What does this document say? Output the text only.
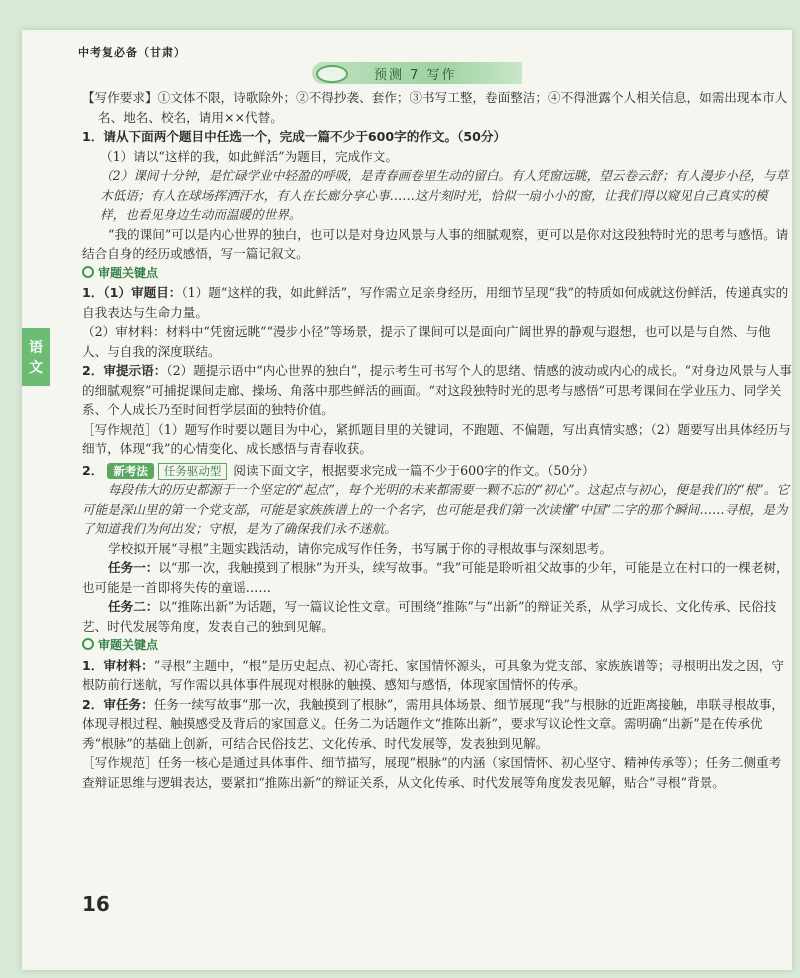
中考复必备（甘肃）
预测 7 写作
语
文

【写作要求】①文体不限，诗歌除外；②不得抄袭、套作；③书写工整，卷面整洁；④不得泄露个人相关信息，如需出现本市人名、地名、校名，请用××代替。

1．请从下面两个题目中任选一个，完成一篇不少于600字的作文。（50分）

（1）请以“这样的我，如此鲜活”为题目，完成作文。

（2）课间十分钟，是忙碌学业中轻盈的呼吸，是青春画卷里生动的留白。有人凭窗远眺，望云卷云舒；有人漫步小径，与草木低语；有人在球场挥洒汗水，有人在长廊分享心事……这片刻时光，恰似一扇小小的窗，让我们得以窥见自己真实的模样，也看见身边生动而温暖的世界。

“我的课间”可以是内心世界的独白，也可以是对身边风景与人事的细腻观察，更可以是你对这段独特时光的思考与感悟。请结合自身的经历或感悟，写一篇记叙文。

审题关键点

1．（1）审题目：（1）题“这样的我，如此鲜活”，写作需立足亲身经历，用细节呈现“我”的特质如何成就这份鲜活，传递真实的自我表达与生命力量。

（2）审材料：材料中“凭窗远眺”“漫步小径”等场景，提示了课间可以是面向广阔世界的静观与遐想，也可以是与自然、与他人、与自我的深度联结。

2．审提示语：（2）题提示语中“内心世界的独白”，提示考生可书写个人的思绪、情感的波动或内心的成长。“对身边风景与人事的细腻观察”可捕捉课间走廊、操场、角落中那些鲜活的画面。“对这段独特时光的思考与感悟”可思考课间在学业压力、同学关系、个人成长乃至时间哲学层面的独特价值。

［写作规范］（1）题写作时要以题目为中心，紧抓题目里的关键词，不跑题、不偏题，写出真情实感；（2）题要写出具体经历与细节，体现“我”的心情变化、成长感悟与青春收获。

2． 新考法 任务驱动型 阅读下面文字，根据要求完成一篇不少于600字的作文。（50分）

每段伟大的历史都源于一个坚定的“起点”，每个光明的未来都需要一颗不忘的“初心”。这起点与初心，便是我们的“根”。它可能是深山里的第一个党支部，可能是家族族谱上的一个名字，也可能是我们第一次读懂“中国”二字的那个瞬间……寻根，是为了知道我们为何出发；守根，是为了确保我们永不迷航。

学校拟开展“寻根”主题实践活动，请你完成写作任务，书写属于你的寻根故事与深刻思考。

任务一：以“那一次，我触摸到了根脉”为开头，续写故事。“我”可能是聆听祖父故事的少年，可能是立在村口的一棵老树，也可能是一首即将失传的童谣……

任务二：以“推陈出新”为话题，写一篇议论性文章。可围绕“推陈”与“出新”的辩证关系，从学习成长、文化传承、民俗技艺、时代发展等角度，发表自己的独到见解。

审题关键点

1．审材料：“寻根”主题中，“根”是历史起点、初心寄托、家国情怀源头，可具象为党支部、家族族谱等；寻根明出发之因，守根防前行迷航，写作需以具体事件展现对根脉的触摸、感知与感悟，体现家国情怀的传承。

2．审任务：任务一续写故事“那一次，我触摸到了根脉”，需用具体场景、细节展现“我”与根脉的近距离接触，串联寻根故事，体现寻根过程、触摸感受及背后的家国意义。任务二为话题作文“推陈出新”，要求写议论性文章。需明确“出新”是在传承优秀“根脉”的基础上创新，可结合民俗技艺、文化传承、时代发展等，发表独到见解。

［写作规范］任务一核心是通过具体事件、细节描写，展现“根脉”的内涵（家国情怀、初心坚守、精神传承等）；任务二侧重考查辩证思维与逻辑表达，要紧扣“推陈出新”的辩证关系，从文化传承、时代发展等角度发表见解，贴合“寻根”背景。

16
